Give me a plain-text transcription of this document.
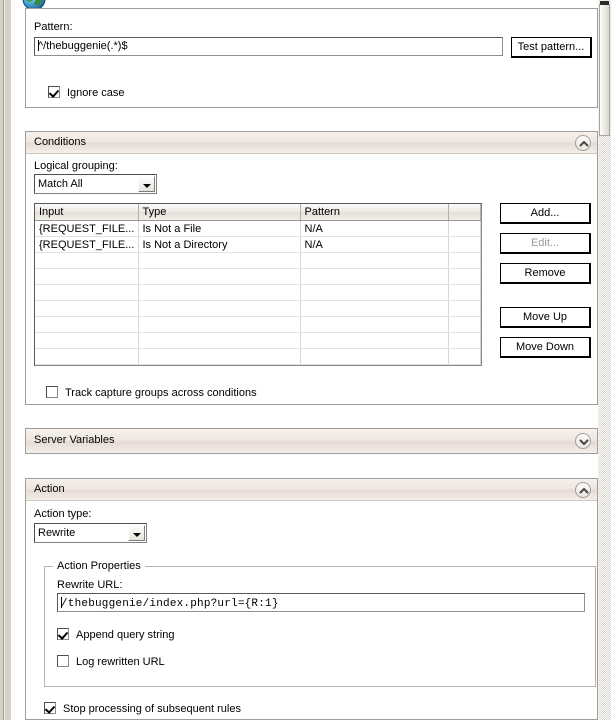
Pattern:
^/thebuggenie(.*)$	Test pattern...
Ignore case
Conditions
Logical grouping:
Match All
Input	Type	Pattern	
{REQUEST_FILE...	Is Not a File	N/A	
{REQUEST_FILE...	Is Not a Directory	N/A	

Add...
Edit...
Remove
Move Up
Move Down
Track capture groups across conditions
Server Variables
Action
Action type:
Rewrite
Action Properties
Rewrite URL:
/thebuggenie/index.php?url={R:1}
Append query string
Log rewritten URL
Stop processing of subsequent rules
